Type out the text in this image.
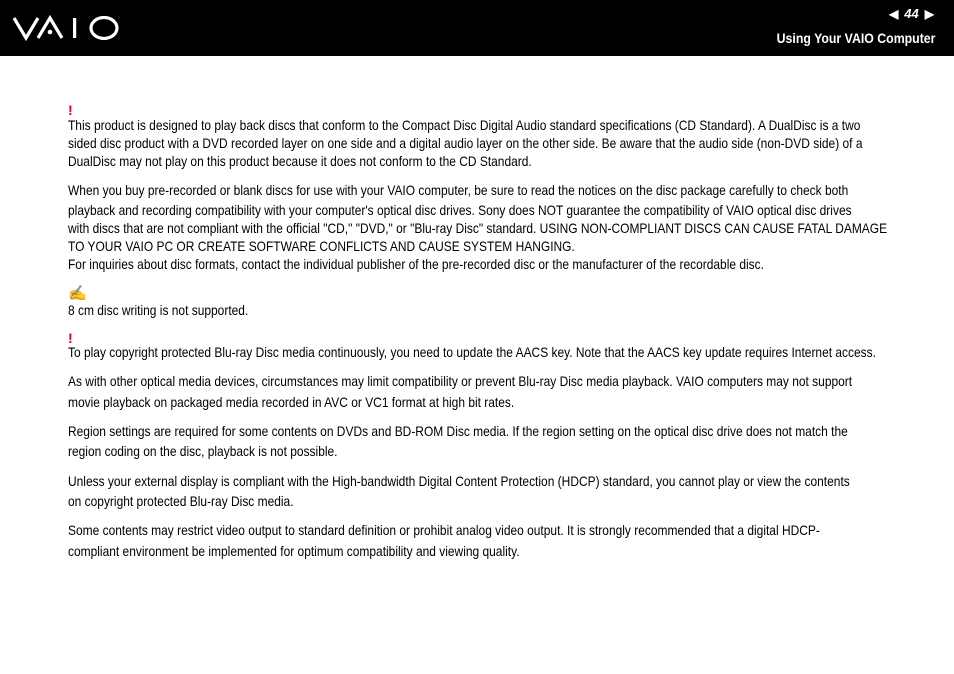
◀ 44 ▶
Using Your VAIO Computer
!
This product is designed to play back discs that conform to the Compact Disc Digital Audio standard specifications (CD Standard). A DualDisc is a two
sided disc product with a DVD recorded layer on one side and a digital audio layer on the other side. Be aware that the audio side (non-DVD side) of a
DualDisc may not play on this product because it does not conform to the CD Standard.
When you buy pre-recorded or blank discs for use with your VAIO computer, be sure to read the notices on the disc package carefully to check both
playback and recording compatibility with your computer's optical disc drives. Sony does NOT guarantee the compatibility of VAIO optical disc drives
with discs that are not compliant with the official "CD," "DVD," or "Blu-ray Disc" standard. USING NON-COMPLIANT DISCS CAN CAUSE FATAL DAMAGE
TO YOUR VAIO PC OR CREATE SOFTWARE CONFLICTS AND CAUSE SYSTEM HANGING.
For inquiries about disc formats, contact the individual publisher of the pre-recorded disc or the manufacturer of the recordable disc.
✍
8 cm disc writing is not supported.
!
To play copyright protected Blu-ray Disc media continuously, you need to update the AACS key. Note that the AACS key update requires Internet access.
As with other optical media devices, circumstances may limit compatibility or prevent Blu-ray Disc media playback. VAIO computers may not support
movie playback on packaged media recorded in AVC or VC1 format at high bit rates.
Region settings are required for some contents on DVDs and BD-ROM Disc media. If the region setting on the optical disc drive does not match the
region coding on the disc, playback is not possible.
Unless your external display is compliant with the High-bandwidth Digital Content Protection (HDCP) standard, you cannot play or view the contents
on copyright protected Blu-ray Disc media.
Some contents may restrict video output to standard definition or prohibit analog video output. It is strongly recommended that a digital HDCP-
compliant environment be implemented for optimum compatibility and viewing quality.
